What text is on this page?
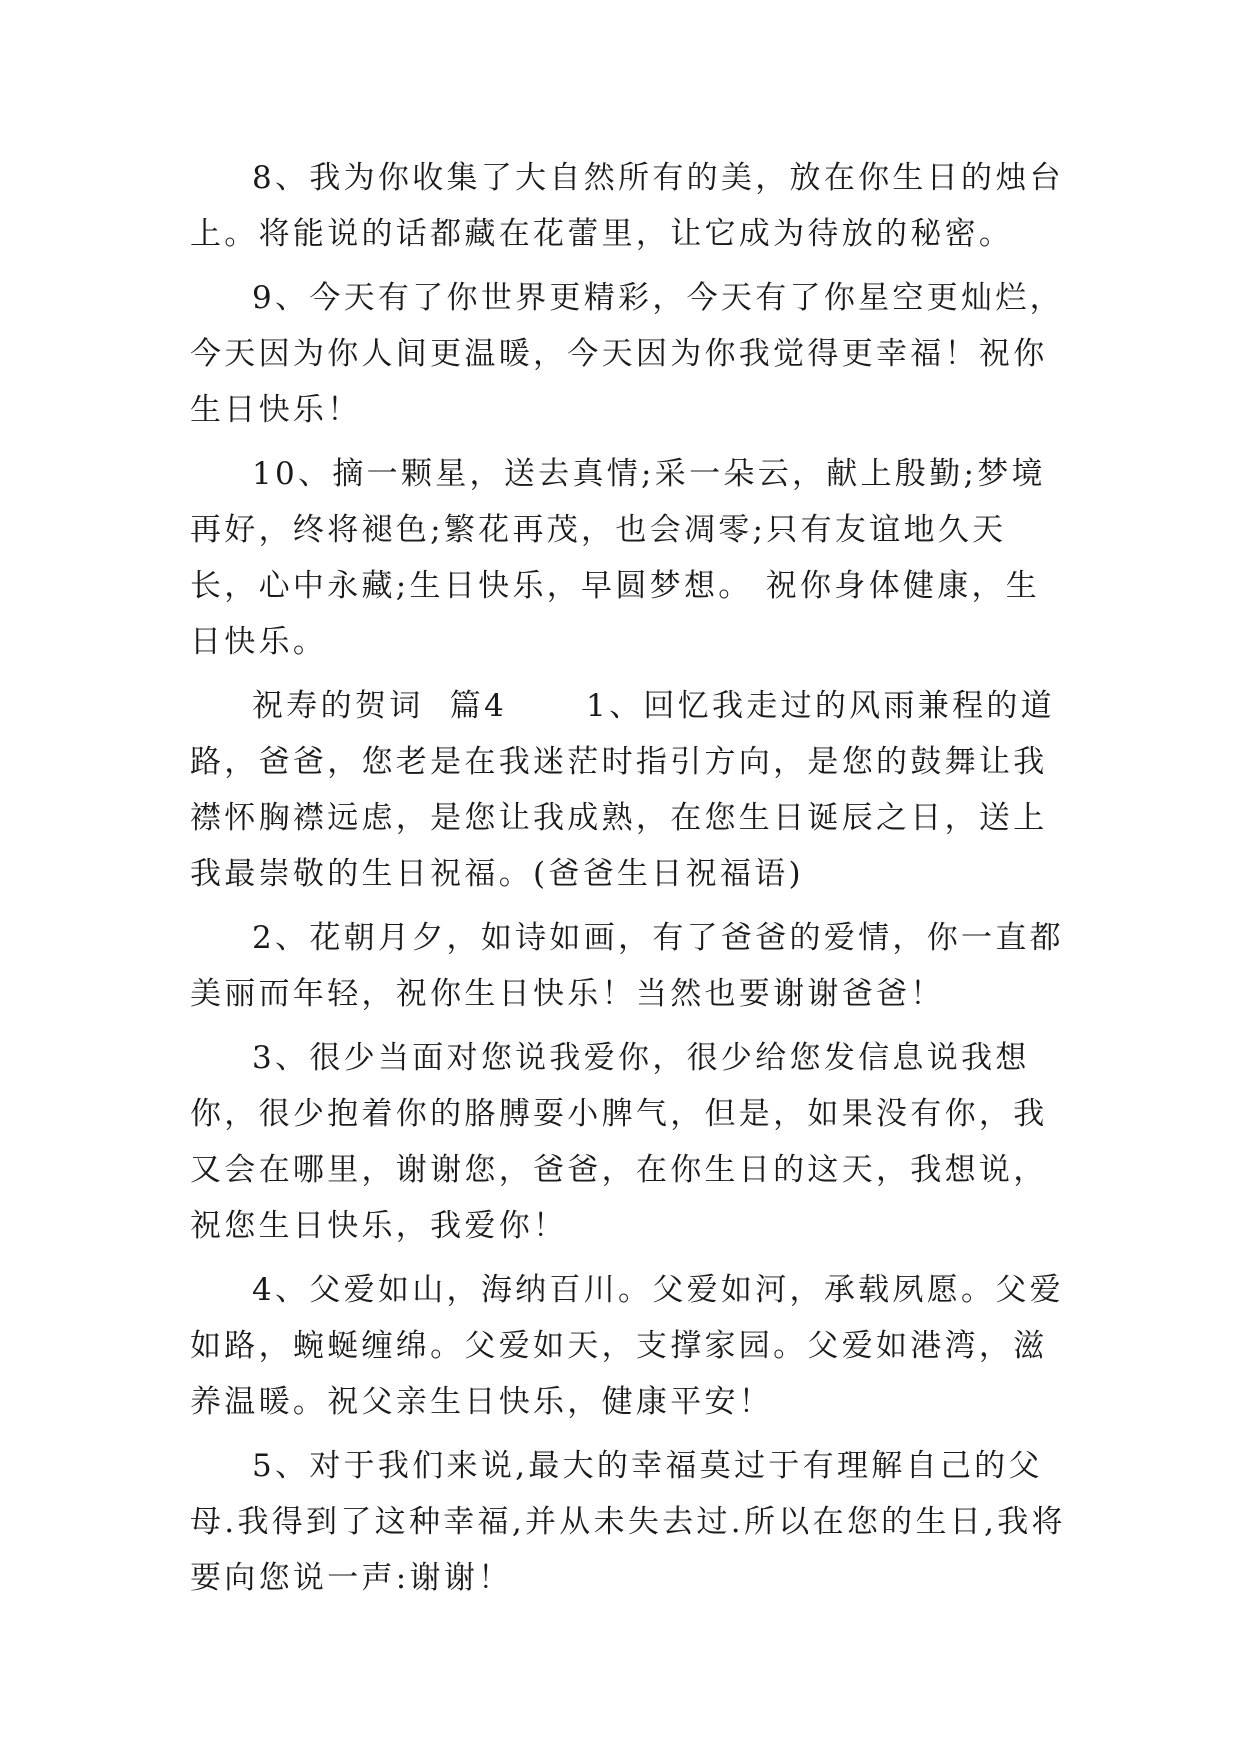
8、我为你收集了大自然所有的美，放在你生日的烛台上。将能说的话都藏在花蕾里，让它成为待放的秘密。

9、今天有了你世界更精彩，今天有了你星空更灿烂，今天因为你人间更温暖，今天因为你我觉得更幸福！祝你生日快乐！

10、摘一颗星，送去真情;采一朵云，献上殷勤;梦境再好，终将褪色;繁花再茂，也会凋零;只有友谊地久天长，心中永藏;生日快乐，早圆梦想。 祝你身体健康，生日快乐。

祝寿的贺词  篇4      1、回忆我走过的风雨兼程的道路，爸爸，您老是在我迷茫时指引方向，是您的鼓舞让我襟怀胸襟远虑，是您让我成熟，在您生日诞辰之日，送上我最崇敬的生日祝福。(爸爸生日祝福语)

2、花朝月夕，如诗如画，有了爸爸的爱情，你一直都美丽而年轻，祝你生日快乐！当然也要谢谢爸爸！

3、很少当面对您说我爱你，很少给您发信息说我想你，很少抱着你的胳膊耍小脾气，但是，如果没有你，我又会在哪里，谢谢您，爸爸，在你生日的这天，我想说，祝您生日快乐，我爱你！

4、父爱如山，海纳百川。父爱如河，承载夙愿。父爱如路，蜿蜒缠绵。父爱如天，支撑家园。父爱如港湾，滋养温暖。祝父亲生日快乐，健康平安！

5、对于我们来说,最大的幸福莫过于有理解自己的父母.我得到了这种幸福,并从未失去过.所以在您的生日,我将要向您说一声:谢谢！
